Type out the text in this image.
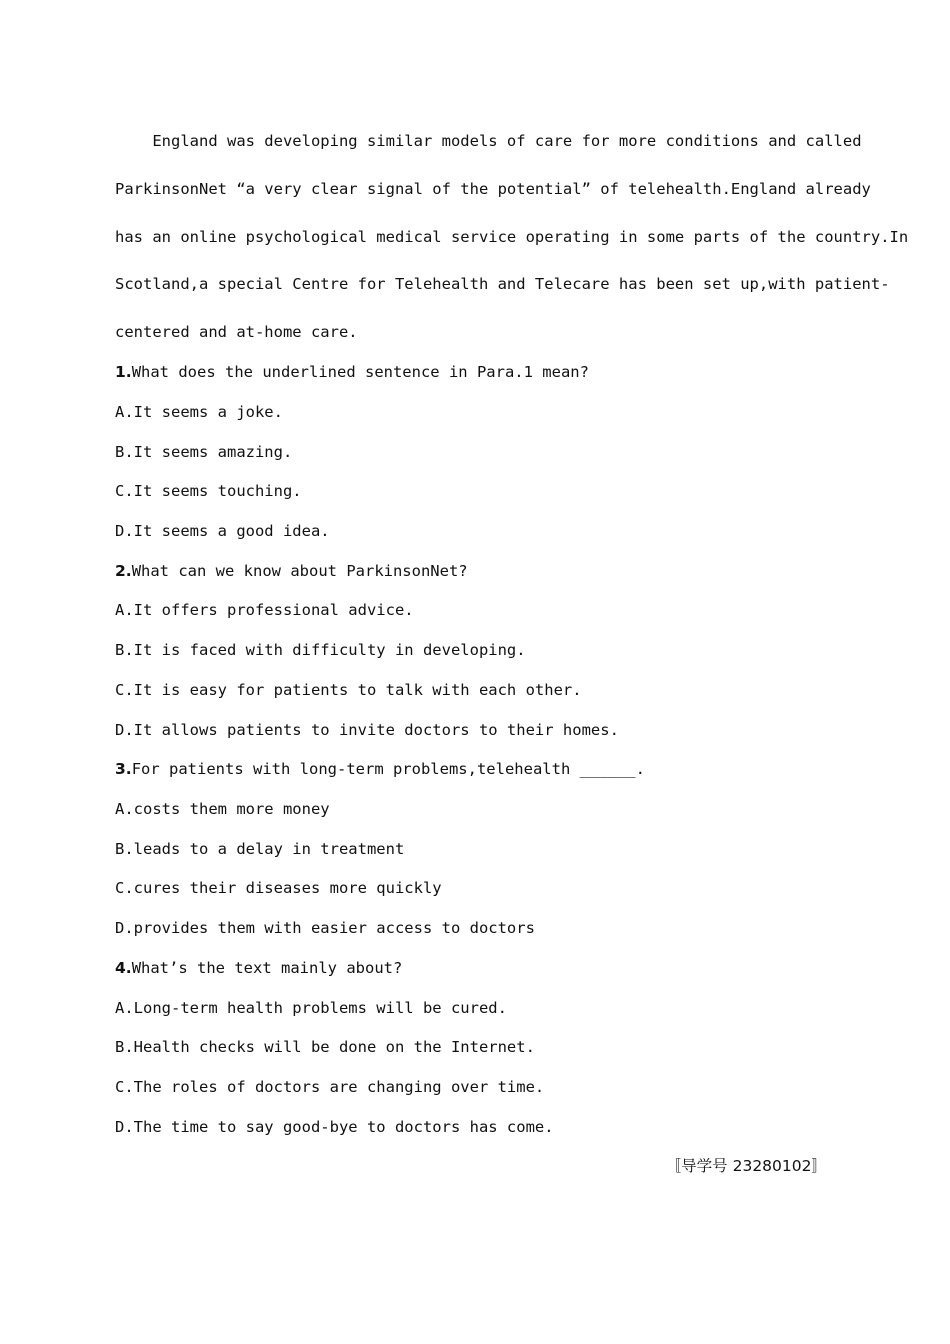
England was developing similar models of care for more conditions and called
ParkinsonNet “a very clear signal of the potential” of telehealth.England already
has an online psychological medical service operating in some parts of the country.In
Scotland,a special Centre for Telehealth and Telecare has been set up,with patient-
centered and at-home care.
1.What does the underlined sentence in Para.1 mean?
A.It seems a joke.
B.It seems amazing.
C.It seems touching.
D.It seems a good idea.
2.What can we know about ParkinsonNet?
A.It offers professional advice.
B.It is faced with difficulty in developing.
C.It is easy for patients to talk with each other.
D.It allows patients to invite doctors to their homes.
3.For patients with long-term problems,telehealth ______.
A.costs them more money
B.leads to a delay in treatment
C.cures their diseases more quickly
D.provides them with easier access to doctors
4.What’s the text mainly about?
A.Long-term health problems will be cured.
B.Health checks will be done on the Internet.
C.The roles of doctors are changing over time.
D.The time to say good-bye to doctors has come.
〚导学号 23280102〛
